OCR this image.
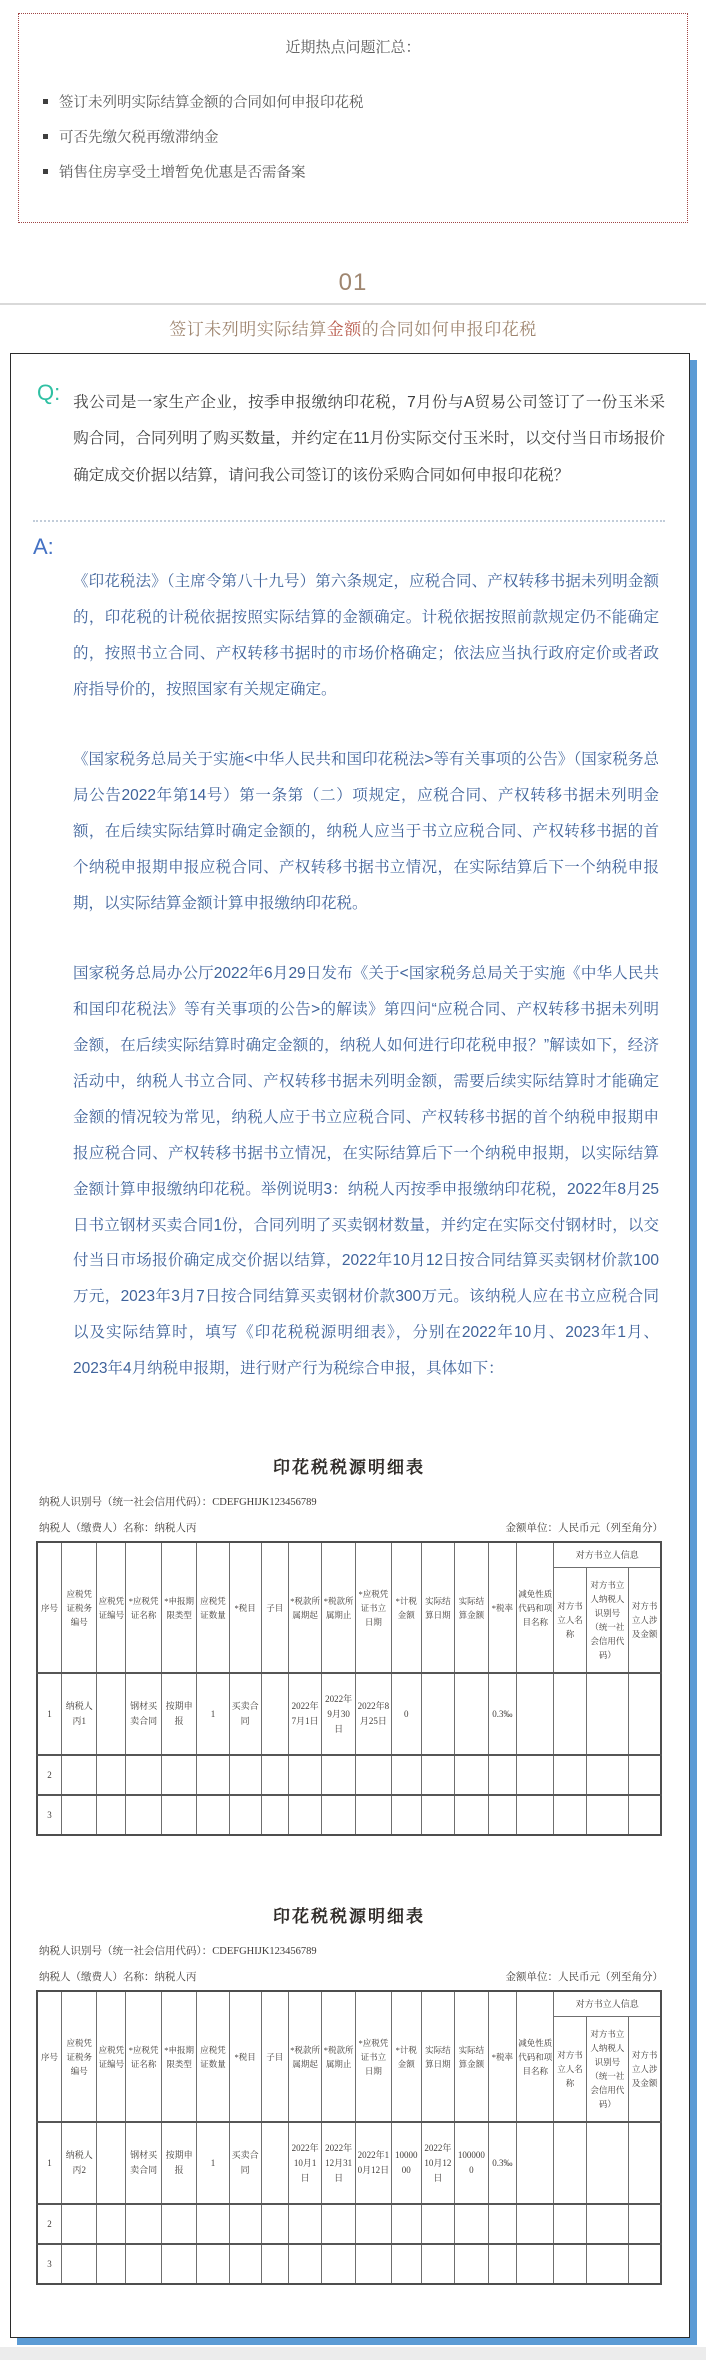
近期热点问题汇总：
签订未列明实际结算金额的合同如何申报印花税
可否先缴欠税再缴滞纳金
销售住房享受土增暂免优惠是否需备案
01
签订未列明实际结算金额的合同如何申报印花税
Q: 我公司是一家生产企业，按季申报缴纳印花税，7月份与A贸易公司签订了一份玉米采购合同，合同列明了购买数量，并约定在11月份实际交付玉米时，以交付当日市场报价确定成交价据以结算，请问我公司签订的该份采购合同如何申报印花税？

A:

《印花税法》（主席令第八十九号）第六条规定，应税合同、产权转移书据未列明金额的，印花税的计税依据按照实际结算的金额确定。计税依据按照前款规定仍不能确定的，按照书立合同、产权转移书据时的市场价格确定；依法应当执行政府定价或者政府指导价的，按照国家有关规定确定。

《国家税务总局关于实施<中华人民共和国印花税法>等有关事项的公告》（国家税务总局公告2022年第14号）第一条第（二）项规定，应税合同、产权转移书据未列明金额，在后续实际结算时确定金额的，纳税人应当于书立应税合同、产权转移书据的首个纳税申报期申报应税合同、产权转移书据书立情况，在实际结算后下一个纳税申报期，以实际结算金额计算申报缴纳印花税。

国家税务总局办公厅2022年6月29日发布《关于<国家税务总局关于实施《中华人民共和国印花税法》等有关事项的公告>的解读》第四问“应税合同、产权转移书据未列明金额，在后续实际结算时确定金额的，纳税人如何进行印花税申报？”解读如下，经济活动中，纳税人书立合同、产权转移书据未列明金额，需要后续实际结算时才能确定金额的情况较为常见，纳税人应于书立应税合同、产权转移书据的首个纳税申报期申报应税合同、产权转移书据书立情况，在实际结算后下一个纳税申报期，以实际结算金额计算申报缴纳印花税。举例说明3：纳税人丙按季申报缴纳印花税，2022年8月25日书立钢材买卖合同1份，合同列明了买卖钢材数量，并约定在实际交付钢材时，以交付当日市场报价确定成交价据以结算，2022年10月12日按合同结算买卖钢材价款100万元，2023年3月7日按合同结算买卖钢材价款300万元。该纳税人应在书立应税合同以及实际结算时，填写《印花税税源明细表》，分别在2022年10月、2023年1月、2023年4月纳税申报期，进行财产行为税综合申报，具体如下：

印花税税源明细表
纳税人识别号（统一社会信用代码）：CDEFGHIJK123456789
纳税人（缴费人）名称：纳税人丙	金额单位：人民币元（列至角分）
序号	应税凭证税务编号	应税凭证编号	*应税凭证名称	*申报期限类型	应税凭证数量	*税目	子目	*税款所属期起	*税款所属期止	*应税凭证书立日期	*计税金额	实际结算日期	实际结算金额	*税率	减免性质代码和项目名称	对方书立人信息		
																对方书立人名称	对方书立人纳税人识别号（统一社会信用代码）	对方书立人涉及金额
1	纳税人丙1		钢材买卖合同	按期申报	1	买卖合同		2022年7月1日	2022年9月30日	2022年8月25日	0			0.3‰				
2																		
3																		
印花税税源明细表
纳税人识别号（统一社会信用代码）：CDEFGHIJK123456789
纳税人（缴费人）名称：纳税人丙	金额单位：人民币元（列至角分）
序号	应税凭证税务编号	应税凭证编号	*应税凭证名称	*申报期限类型	应税凭证数量	*税目	子目	*税款所属期起	*税款所属期止	*应税凭证书立日期	*计税金额	实际结算日期	实际结算金额	*税率	减免性质代码和项目名称	对方书立人信息		
																对方书立人名称	对方书立人纳税人识别号（统一社会信用代码）	对方书立人涉及金额
1	纳税人丙2		钢材买卖合同	按期申报	1	买卖合同		2022年10月1日	2022年12月31日	2022年10月12日	1000000	2022年10月12日	1000000	0.3‰				
2																		
3																		
